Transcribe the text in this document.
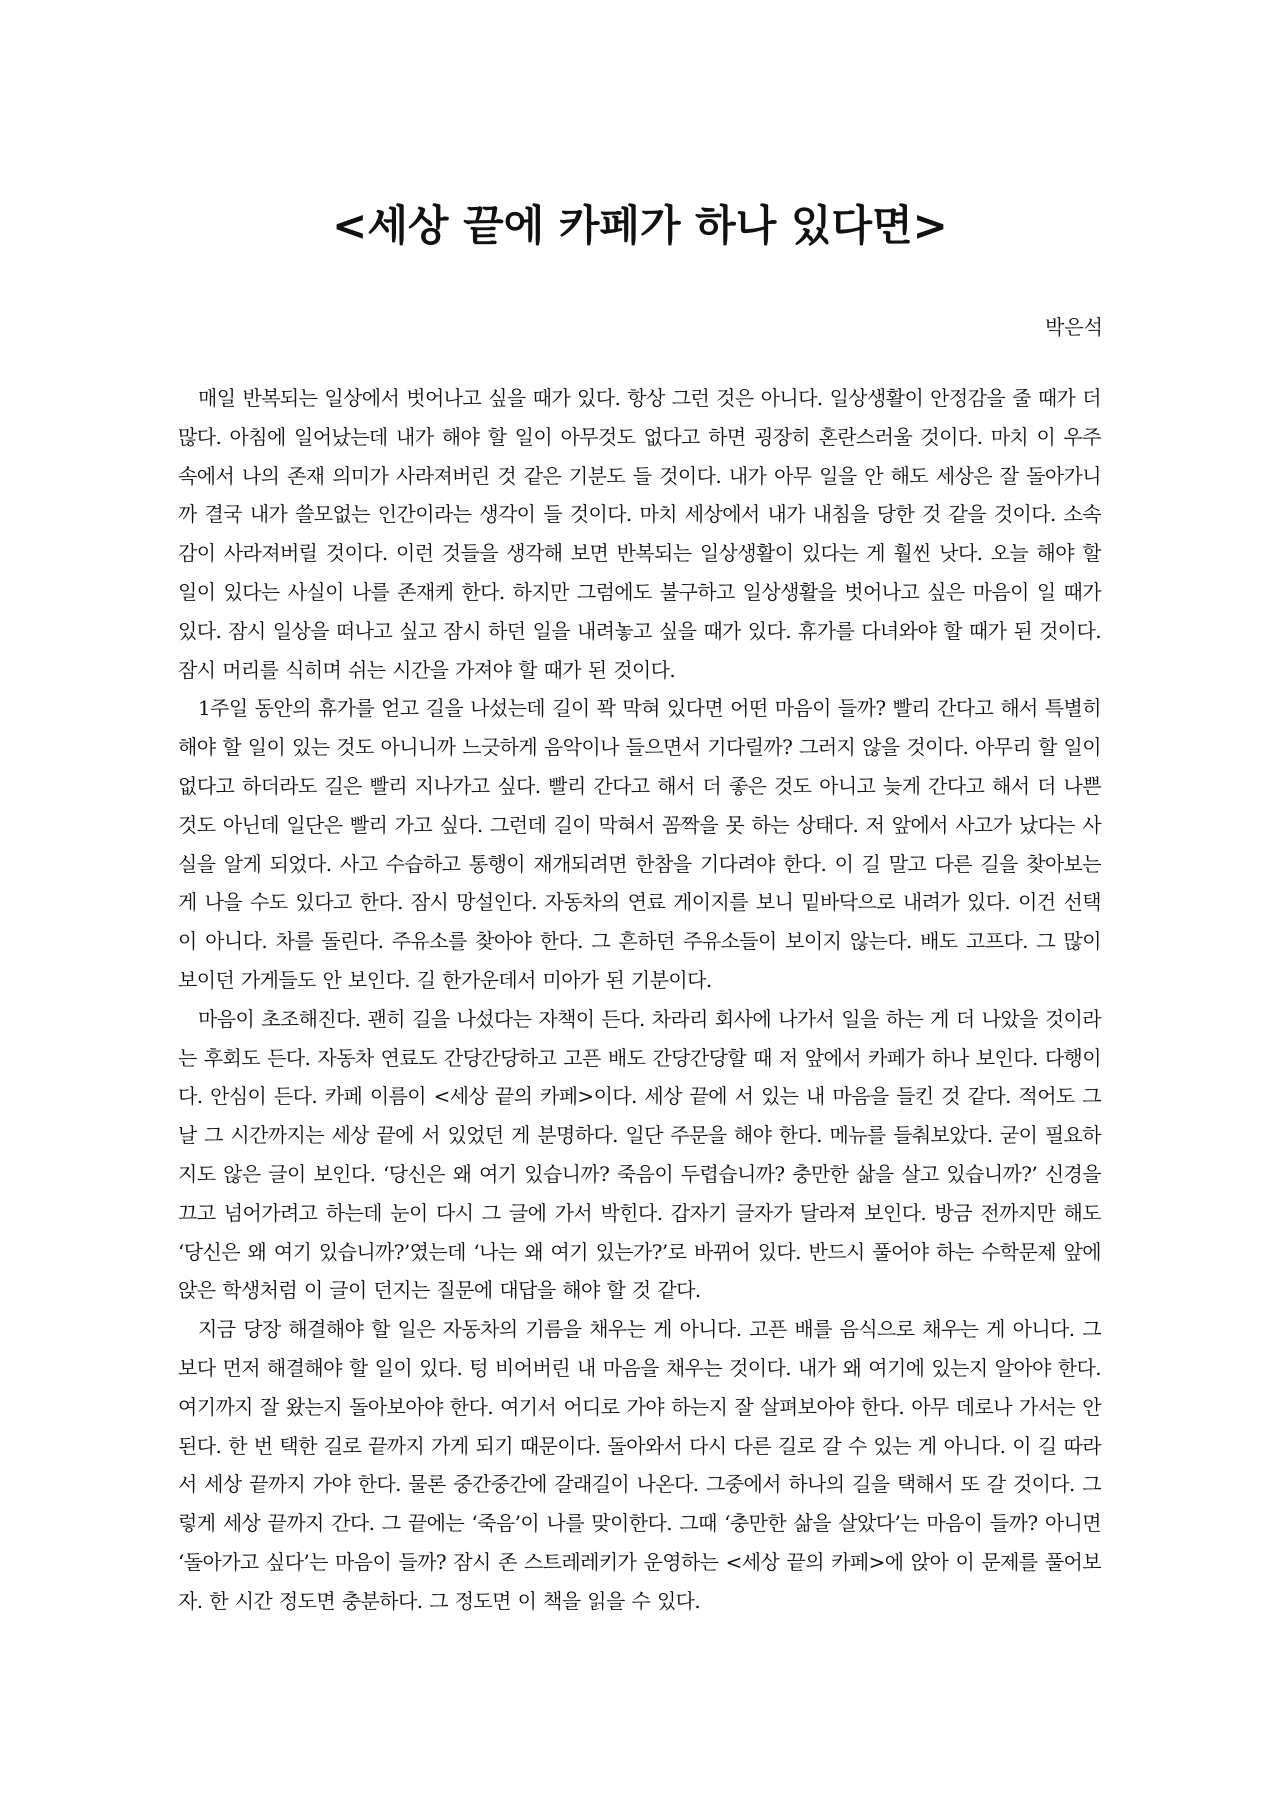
<세상 끝에 카페가 하나 있다면>

박은석

매일 반복되는 일상에서 벗어나고 싶을 때가 있다. 항상 그런 것은 아니다. 일상생활이 안정감을 줄 때가 더 많다. 아침에 일어났는데 내가 해야 할 일이 아무것도 없다고 하면 굉장히 혼란스러울 것이다. 마치 이 우주 속에서 나의 존재 의미가 사라져버린 것 같은 기분도 들 것이다. 내가 아무 일을 안 해도 세상은 잘 돌아가니까 결국 내가 쓸모없는 인간이라는 생각이 들 것이다. 마치 세상에서 내가 내침을 당한 것 같을 것이다. 소속감이 사라져버릴 것이다. 이런 것들을 생각해 보면 반복되는 일상생활이 있다는 게 훨씬 낫다. 오늘 해야 할 일이 있다는 사실이 나를 존재케 한다. 하지만 그럼에도 불구하고 일상생활을 벗어나고 싶은 마음이 일 때가 있다. 잠시 일상을 떠나고 싶고 잠시 하던 일을 내려놓고 싶을 때가 있다. 휴가를 다녀와야 할 때가 된 것이다. 잠시 머리를 식히며 쉬는 시간을 가져야 할 때가 된 것이다.

1주일 동안의 휴가를 얻고 길을 나섰는데 길이 꽉 막혀 있다면 어떤 마음이 들까? 빨리 간다고 해서 특별히 해야 할 일이 있는 것도 아니니까 느긋하게 음악이나 들으면서 기다릴까? 그러지 않을 것이다. 아무리 할 일이 없다고 하더라도 길은 빨리 지나가고 싶다. 빨리 간다고 해서 더 좋은 것도 아니고 늦게 간다고 해서 더 나쁜 것도 아닌데 일단은 빨리 가고 싶다. 그런데 길이 막혀서 꼼짝을 못 하는 상태다. 저 앞에서 사고가 났다는 사실을 알게 되었다. 사고 수습하고 통행이 재개되려면 한참을 기다려야 한다. 이 길 말고 다른 길을 찾아보는 게 나을 수도 있다고 한다. 잠시 망설인다. 자동차의 연료 게이지를 보니 밑바닥으로 내려가 있다. 이건 선택이 아니다. 차를 돌린다. 주유소를 찾아야 한다. 그 흔하던 주유소들이 보이지 않는다. 배도 고프다. 그 많이 보이던 가게들도 안 보인다. 길 한가운데서 미아가 된 기분이다.

마음이 초조해진다. 괜히 길을 나섰다는 자책이 든다. 차라리 회사에 나가서 일을 하는 게 더 나았을 것이라는 후회도 든다. 자동차 연료도 간당간당하고 고픈 배도 간당간당할 때 저 앞에서 카페가 하나 보인다. 다행이다. 안심이 든다. 카페 이름이 <세상 끝의 카페>이다. 세상 끝에 서 있는 내 마음을 들킨 것 같다. 적어도 그날 그 시간까지는 세상 끝에 서 있었던 게 분명하다. 일단 주문을 해야 한다. 메뉴를 들춰보았다. 굳이 필요하지도 않은 글이 보인다. ‘당신은 왜 여기 있습니까? 죽음이 두렵습니까? 충만한 삶을 살고 있습니까?’ 신경을 끄고 넘어가려고 하는데 눈이 다시 그 글에 가서 박힌다. 갑자기 글자가 달라져 보인다. 방금 전까지만 해도 ‘당신은 왜 여기 있습니까?’였는데 ‘나는 왜 여기 있는가?’로 바뀌어 있다. 반드시 풀어야 하는 수학문제 앞에 앉은 학생처럼 이 글이 던지는 질문에 대답을 해야 할 것 같다.

지금 당장 해결해야 할 일은 자동차의 기름을 채우는 게 아니다. 고픈 배를 음식으로 채우는 게 아니다. 그보다 먼저 해결해야 할 일이 있다. 텅 비어버린 내 마음을 채우는 것이다. 내가 왜 여기에 있는지 알아야 한다. 여기까지 잘 왔는지 돌아보아야 한다. 여기서 어디로 가야 하는지 잘 살펴보아야 한다. 아무 데로나 가서는 안 된다. 한 번 택한 길로 끝까지 가게 되기 때문이다. 돌아와서 다시 다른 길로 갈 수 있는 게 아니다. 이 길 따라서 세상 끝까지 가야 한다. 물론 중간중간에 갈래길이 나온다. 그중에서 하나의 길을 택해서 또 갈 것이다. 그렇게 세상 끝까지 간다. 그 끝에는 ‘죽음’이 나를 맞이한다. 그때 ‘충만한 삶을 살았다’는 마음이 들까? 아니면 ‘돌아가고 싶다’는 마음이 들까? 잠시 존 스트레레키가 운영하는 <세상 끝의 카페>에 앉아 이 문제를 풀어보자. 한 시간 정도면 충분하다. 그 정도면 이 책을 읽을 수 있다.
